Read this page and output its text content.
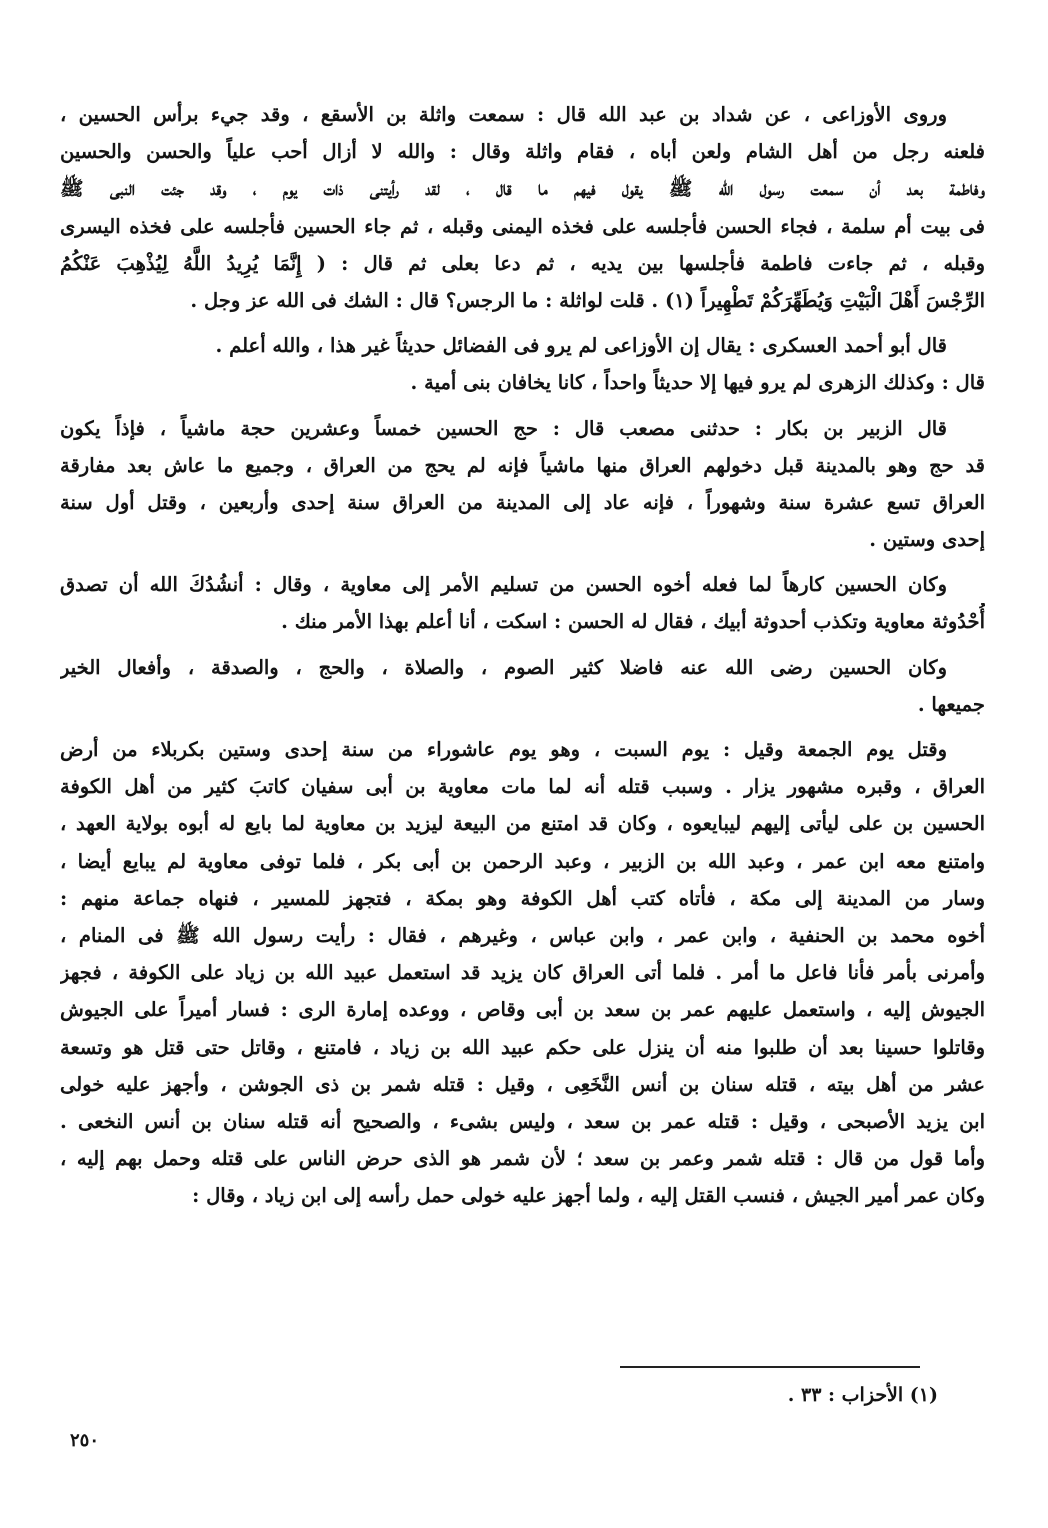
وروى الأوزاعى ، عن شداد بن عبد الله قال : سمعت واثلة بن الأسقع ، وقد جيء برأس الحسين ،
فلعنه رجل من أهل الشام ولعن أباه ، فقام واثلة وقال : والله لا أزال أحب علياً والحسن والحسين
وفاطمة بعد أن سمعت رسول الله ﷺ يقول فيهم ما قال ، لقد رأيتنى ذات يوم ، وقد جئت النبى ﷺ
فى بيت أم سلمة ، فجاء الحسن فأجلسه على فخذه اليمنى وقبله ، ثم جاء الحسين فأجلسه على فخذه اليسرى
وقبله ، ثم جاءت فاطمة فأجلسها بين يديه ، ثم دعا بعلى ثم قال : ( إِنَّمَا يُرِيدُ اللَّهُ لِيُذْهِبَ عَنْكُمُ
الرِّجْسَ أَهْلَ الْبَيْتِ وَيُطَهِّرَكُمْ تَطْهِيراً (١) . قلت لواثلة : ما الرجس؟ قال : الشك فى الله عز وجل .
قال أبو أحمد العسكرى : يقال إن الأوزاعى لم يرو فى الفضائل حديثاً غير هذا ، والله أعلم .
قال : وكذلك الزهرى لم يرو فيها إلا حديثاً واحداً ، كانا يخافان بنى أمية .
قال الزبير بن بكار : حدثنى مصعب قال : حج الحسين خمساً وعشرين حجة ماشياً ، فإذاً يكون
قد حج وهو بالمدينة قبل دخولهم العراق منها ماشياً فإنه لم يحج من العراق ، وجميع ما عاش بعد مفارقة
العراق تسع عشرة سنة وشهوراً ، فإنه عاد إلى المدينة من العراق سنة إحدى وأربعين ، وقتل أول سنة
إحدى وستين .
وكان الحسين كارهاً لما فعله أخوه الحسن من تسليم الأمر إلى معاوية ، وقال : أنشُدُكَ الله أن تصدق
أُحْدُوثة معاوية وتكذب أحدوثة أبيك ، فقال له الحسن : اسكت ، أنا أعلم بهذا الأمر منك .
وكان الحسين رضى الله عنه فاضلا كثير الصوم ، والصلاة ، والحج ، والصدقة ، وأفعال الخير
جميعها .
وقتل يوم الجمعة وقيل : يوم السبت ، وهو يوم عاشوراء من سنة إحدى وستين بكربلاء من أرض
العراق ، وقبره مشهور يزار . وسبب قتله أنه لما مات معاوية بن أبى سفيان كاتبَ كثير من أهل الكوفة
الحسين بن على ليأتى إليهم ليبايعوه ، وكان قد امتنع من البيعة ليزيد بن معاوية لما بايع له أبوه بولاية العهد ،
وامتنع معه ابن عمر ، وعبد الله بن الزبير ، وعبد الرحمن بن أبى بكر ، فلما توفى معاوية لم يبايع أيضا ،
وسار من المدينة إلى مكة ، فأتاه كتب أهل الكوفة وهو بمكة ، فتجهز للمسير ، فنهاه جماعة منهم :
أخوه محمد بن الحنفية ، وابن عمر ، وابن عباس ، وغيرهم ، فقال : رأيت رسول الله ﷺ فى المنام ،
وأمرنى بأمر فأنا فاعل ما أمر . فلما أتى العراق كان يزيد قد استعمل عبيد الله بن زياد على الكوفة ، فجهز
الجيوش إليه ، واستعمل عليهم عمر بن سعد بن أبى وقاص ، ووعده إمارة الرى : فسار أميراً على الجيوش
وقاتلوا حسينا بعد أن طلبوا منه أن ينزل على حكم عبيد الله بن زياد ، فامتنع ، وقاتل حتى قتل هو وتسعة
عشر من أهل بيته ، قتله سنان بن أنس النَّخَعِى ، وقيل : قتله شمر بن ذى الجوشن ، وأجهز عليه خولى
ابن يزيد الأصبحى ، وقيل : قتله عمر بن سعد ، وليس بشىء ، والصحيح أنه قتله سنان بن أنس النخعى .
وأما قول من قال : قتله شمر وعمر بن سعد ؛ لأن شمر هو الذى حرض الناس على قتله وحمل بهم إليه ،
وكان عمر أمير الجيش ، فنسب القتل إليه ، ولما أجهز عليه خولى حمل رأسه إلى ابن زياد ، وقال :
(١) الأحزاب : ٣٣ .
٢٥٠
